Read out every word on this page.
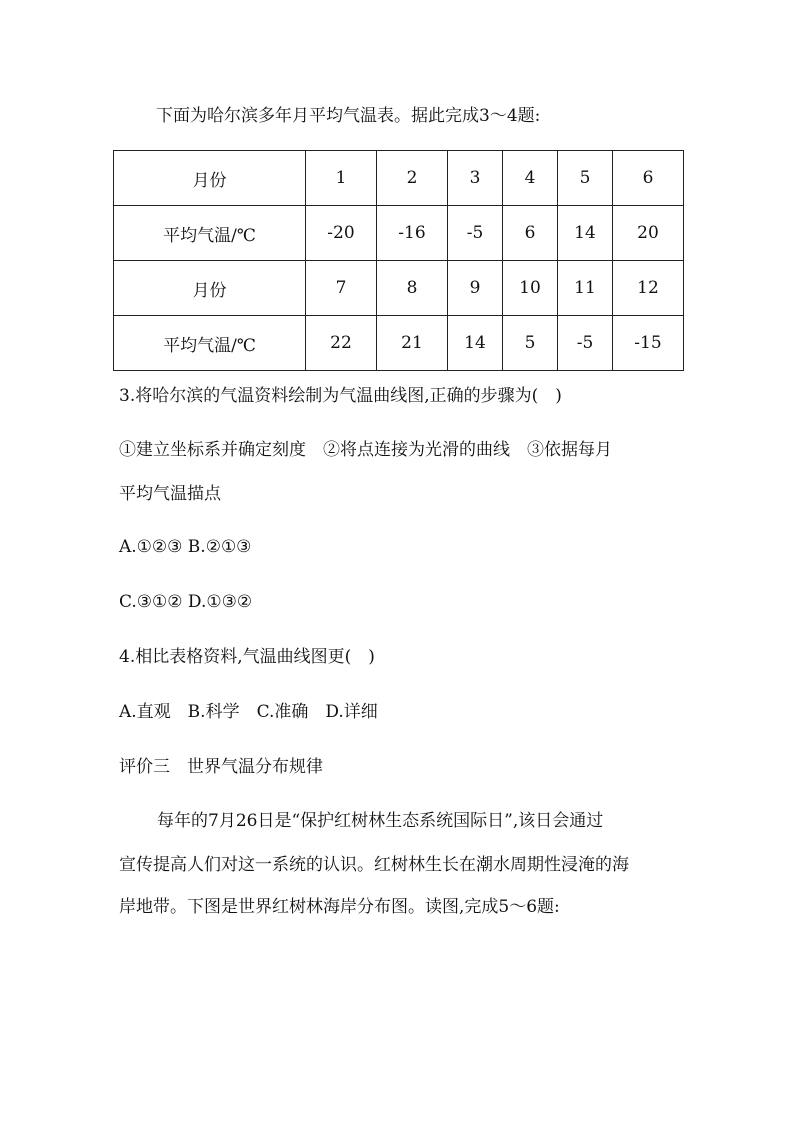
下面为哈尔滨多年月平均气温表。据此完成3～4题:
月份	1	2	3	4	5	6
平均气温/℃	-20	-16	-5	6	14	20
月份	7	8	9	10	11	12
平均气温/℃	22	21	14	5	-5	-15
3.将哈尔滨的气温资料绘制为气温曲线图,正确的步骤为(　)
①建立坐标系并确定刻度　②将点连接为光滑的曲线　③依据每月
平均气温描点
A.①②③ B.②①③
C.③①② D.①③②
4.相比表格资料,气温曲线图更(　)
A.直观　B.科学　C.准确　D.详细
评价三　世界气温分布规律
每年的7月26日是“保护红树林生态系统国际日”,该日会通过
宣传提高人们对这一系统的认识。红树林生长在潮水周期性浸淹的海
岸地带。下图是世界红树林海岸分布图。读图,完成5～6题:
